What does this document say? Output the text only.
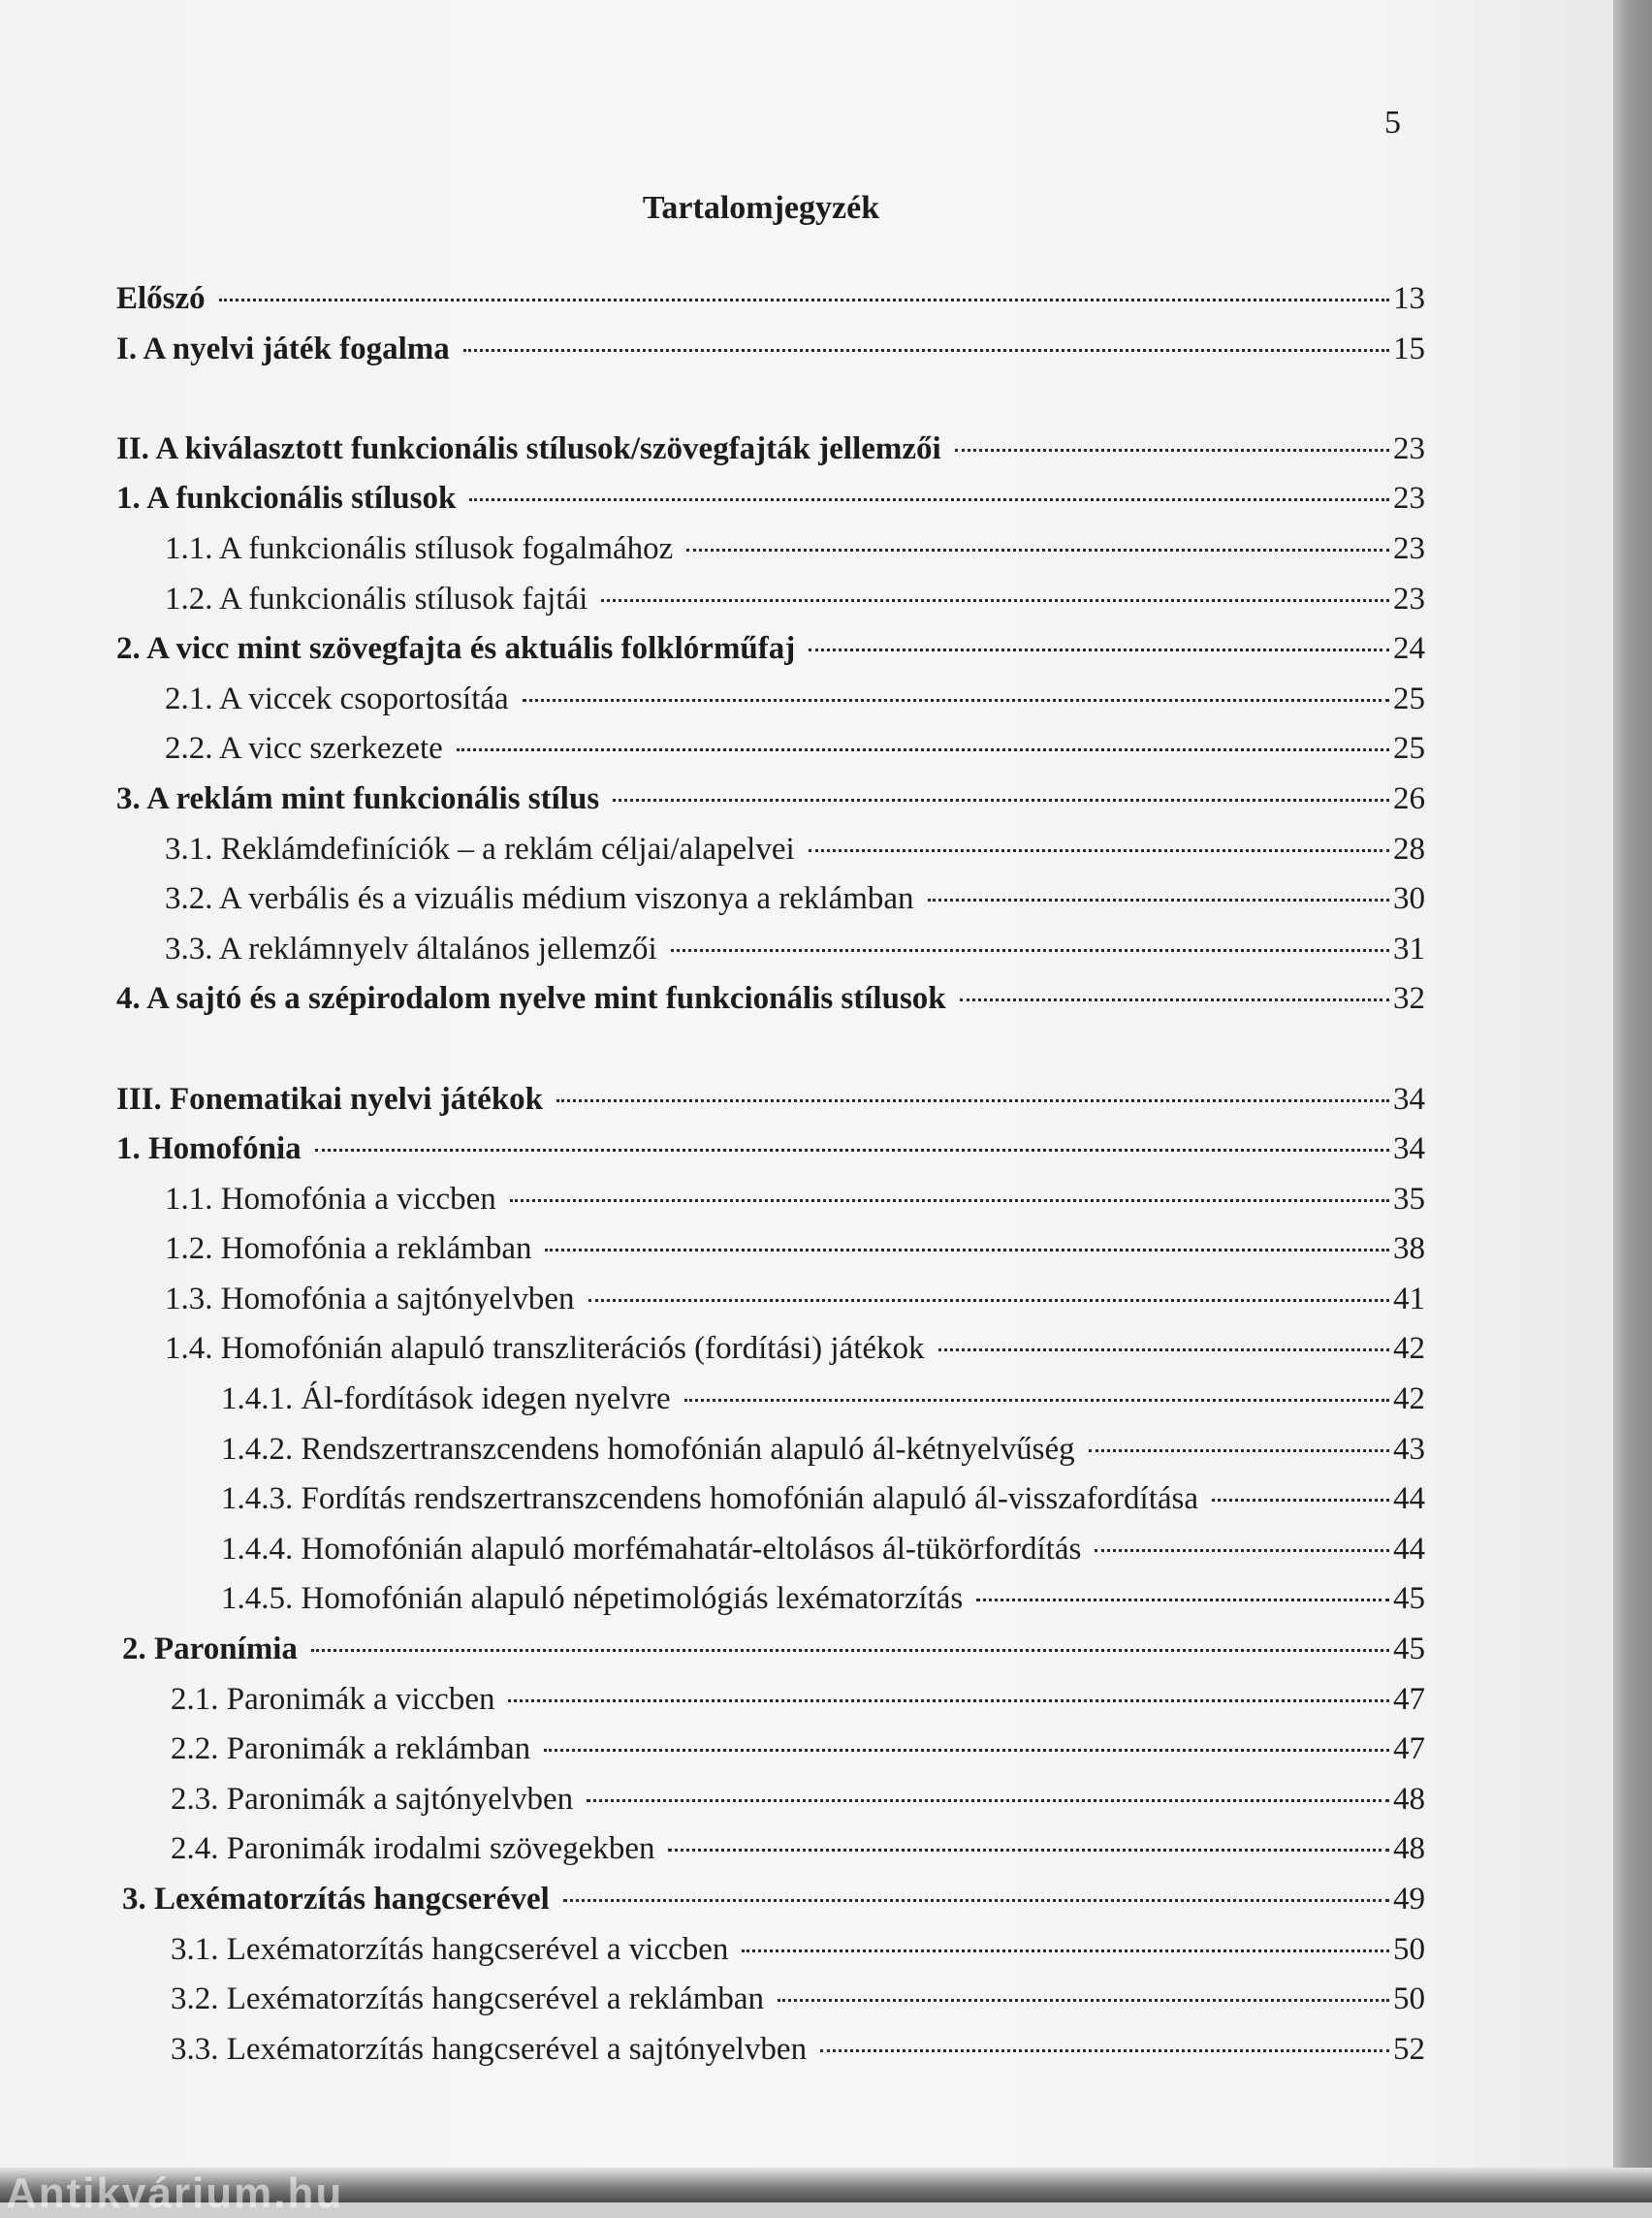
5
Tartalomjegyzék
Előszó	13
I. A nyelvi játék fogalma	15
II. A kiválasztott funkcionális stílusok/szövegfajták jellemzői	23
1. A funkcionális stílusok	23
1.1. A funkcionális stílusok fogalmához	23
1.2. A funkcionális stílusok fajtái	23
2. A vicc mint szövegfajta és aktuális folklórműfaj	24
2.1. A viccek csoportosítáa	25
2.2. A vicc szerkezete	25
3. A reklám mint funkcionális stílus	26
3.1. Reklámdefiníciók – a reklám céljai/alapelvei	28
3.2. A verbális és a vizuális médium viszonya a reklámban	30
3.3. A reklámnyelv általános jellemzői	31
4. A sajtó és a szépirodalom nyelve mint funkcionális stílusok	32
III. Fonematikai nyelvi játékok	34
1. Homofónia	34
1.1. Homofónia a viccben	35
1.2. Homofónia a reklámban	38
1.3. Homofónia a sajtónyelvben	41
1.4. Homofónián alapuló transzliterációs (fordítási) játékok	42
1.4.1. Ál-fordítások idegen nyelvre	42
1.4.2. Rendszertranszcendens homofónián alapuló ál-kétnyelvűség	43
1.4.3. Fordítás rendszertranszcendens homofónián alapuló ál-visszafordítása	44
1.4.4. Homofónián alapuló morfémahatár-eltolásos ál-tükörfordítás	44
1.4.5. Homofónián alapuló népetimológiás lexématorzítás	45
2. Paronímia	45
2.1. Paronimák a viccben	47
2.2. Paronimák a reklámban	47
2.3. Paronimák a sajtónyelvben	48
2.4. Paronimák irodalmi szövegekben	48
3. Lexématorzítás hangcserével	49
3.1. Lexématorzítás hangcserével a viccben	50
3.2. Lexématorzítás hangcserével a reklámban	50
3.3. Lexématorzítás hangcserével a sajtónyelvben	52
Antikvárium.hu
